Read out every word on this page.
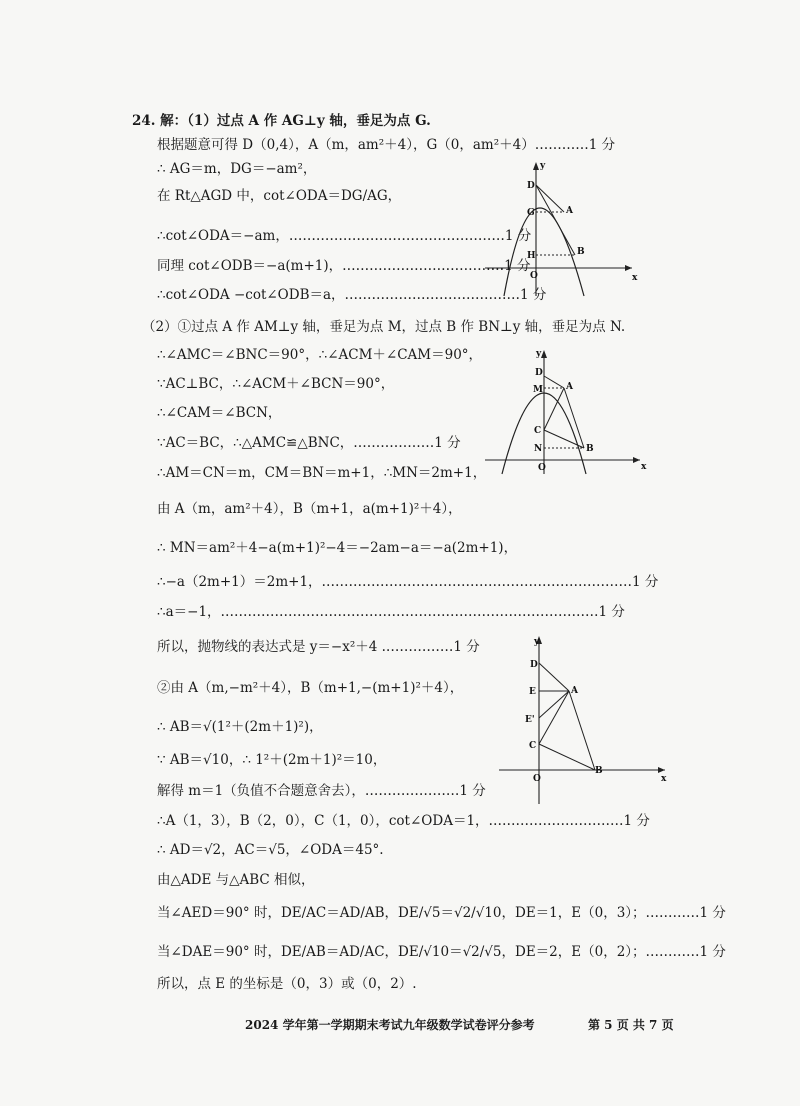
24. 解：（1）过点 A 作 AG⊥y 轴，垂足为点 G.
根据题意可得 D（0,4），A（m，am²＋4），G（0，am²＋4）…………1 分
∴ AG＝m，DG＝−am²，
在 Rt△AGD 中，cot∠ODA＝DG/AG，
∴cot∠ODA＝−am，…………………………………………1 分
同理 cot∠ODB＝−a(m+1)，………………………………1 分
∴cot∠ODA −cot∠ODB＝a，…………………………………1 分
（2）①过点 A 作 AM⊥y 轴，垂足为点 M，过点 B 作 BN⊥y 轴，垂足为点 N.
∴∠AMC＝∠BNC＝90°，∴∠ACM＋∠CAM＝90°，
∵AC⊥BC，∴∠ACM＋∠BCN＝90°，
∴∠CAM＝∠BCN，
∵AC＝BC，∴△AMC≌△BNC，………………1 分
∴AM＝CN＝m，CM＝BN＝m+1，∴MN＝2m+1，
由 A（m，am²＋4），B（m+1，a(m+1)²＋4），
∴ MN＝am²＋4−a(m+1)²−4＝−2am−a＝−a(2m+1)，
∴−a（2m+1）＝2m+1，……………………………………………………………1 分
∴a＝−1，…………………………………………………………………………1 分
所以，抛物线的表达式是 y＝−x²＋4 .……………1 分
②由 A（m,−m²＋4），B（m+1,−(m+1)²＋4），
∴ AB＝√(1²＋(2m＋1)²)，
∵ AB＝√10，∴ 1²＋(2m＋1)²＝10，
解得 m＝1（负值不合题意舍去），…………………1 分
∴A（1，3），B（2，0），C（1，0），cot∠ODA＝1，…………………………1 分
∴ AD＝√2，AC＝√5，∠ODA＝45°.
由△ADE 与△ABC 相似，
当∠AED＝90° 时，DE/AC＝AD/AB，DE/√5＝√2/√10，DE＝1，E（0，3）；…………1 分
当∠DAE＝90° 时，DE/AB＝AD/AC，DE/√10＝√2/√5，DE＝2，E（0，2）；…………1 分
所以，点 E 的坐标是（0，3）或（0，2）.
y
D
G	A
H	B
O	x
y
D
M	A
C
N	B
O	x
y
D
E	A
E'
C
O
B
x
2024 学年第一学期期末考试九年级数学试卷评分参考	第 5 页 共 7 页
